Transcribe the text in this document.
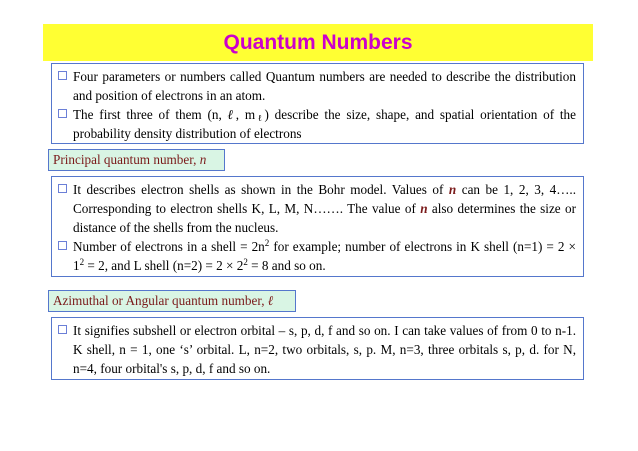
Quantum Numbers
Four parameters or numbers called Quantum numbers are needed to describe the distribution and position of electrons in an atom.
The first three of them (n, ℓ, $m_\ell$) describe the size, shape, and spatial orientation of the probability density distribution of electrons
Principal quantum number,
n
It describes electron shells as shown in the Bohr model. Values of n can be 1, 2, 3, 4….. Corresponding to electron shells K, L, M, N……. The value of n also determines the size or distance of the shells from the nucleus.
Number of electrons in a shell = $2n^2$ for example; number of electrons in K shell $(n=1) = 2 \times 1^2 = 2$, and L shell $(n=2) = 2 \times 2^2 = 8$ and so on.
Azimuthal or Angular quantum number,
ℓ
It signifies subshell or electron orbital – s, p, d, f and so on. I can take values of from 0 to n-1. K shell, n = 1, one ‘s’ orbital. L, n=2, two orbitals, s, p. M, n=3, three orbitals s, p, d. for N, n=4, four orbital's s, p, d, f and so on.
